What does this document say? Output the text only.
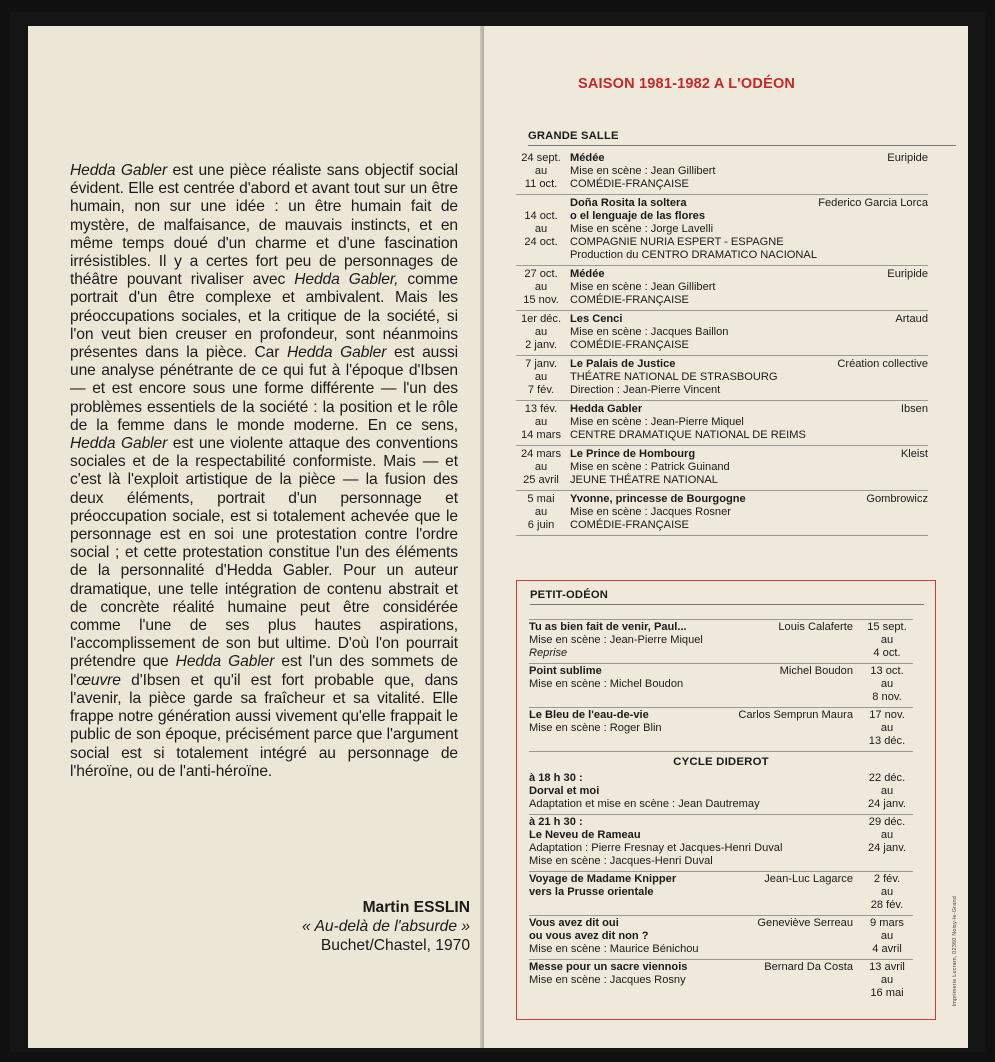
Hedda Gabler est une pièce réaliste sans objectif social évident. Elle est centrée d'abord et avant tout sur un être humain, non sur une idée : un être humain fait de mystère, de malfaisance, de mauvais instincts, et en même temps doué d'un charme et d'une fascination irrésistibles. Il y a certes fort peu de personnages de théâtre pouvant rivaliser avec Hedda Gabler, comme portrait d'un être complexe et ambivalent. Mais les préoccupations sociales, et la critique de la société, si l'on veut bien creuser en profondeur, sont néanmoins présentes dans la pièce. Car Hedda Gabler est aussi une analyse pénétrante de ce qui fut à l'époque d'Ibsen — et est encore sous une forme différente — l'un des problèmes essentiels de la société : la position et le rôle de la femme dans le monde moderne. En ce sens, Hedda Gabler est une violente attaque des conventions sociales et de la respectabilité conformiste. Mais — et c'est là l'exploit artistique de la pièce — la fusion des deux éléments, portrait d'un personnage et préoccupation sociale, est si totalement achevée que le personnage est en soi une protestation contre l'ordre social ; et cette protestation constitue l'un des éléments de la personnalité d'Hedda Gabler. Pour un auteur dramatique, une telle intégration de contenu abstrait et de concrète réalité humaine peut être considérée comme l'une de ses plus hautes aspirations, l'accomplissement de son but ultime. D'où l'on pourrait prétendre que Hedda Gabler est l'un des sommets de l'œuvre d'Ibsen et qu'il est fort probable que, dans l'avenir, la pièce garde sa fraîcheur et sa vitalité. Elle frappe notre génération aussi vivement qu'elle frappait le public de son époque, précisément parce que l'argument social est si totalement intégré au personnage de l'héroïne, ou de l'anti-héroïne.
Martin ESSLIN
« Au-delà de l'absurde »
Buchet/Chastel, 1970
SAISON 1981-1982 A L'ODÉON
GRANDE SALLE
24 sept.
au
11 oct.
Médée	Euripide
Mise en scène : Jean Gillibert
COMÉDIE-FRANÇAISE

14 oct.
au
24 oct.
Doña Rosita la soltera	Federico Garcia Lorca
o el lenguaje de las flores
Mise en scène : Jorge Lavelli
COMPAGNIE NURIA ESPERT - ESPAGNE
Production du CENTRO DRAMATICO NACIONAL
27 oct.
au
15 nov.
Médée	Euripide
Mise en scène : Jean Gillibert
COMÉDIE-FRANÇAISE
1er déc.
au
2 janv.
Les Cenci	Artaud
Mise en scène : Jacques Baillon
COMÉDIE-FRANÇAISE
7 janv.
au
7 fév.
Le Palais de Justice	Création collective
THÉATRE NATIONAL DE STRASBOURG
Direction : Jean-Pierre Vincent
13 fév.
au
14 mars
Hedda Gabler	Ibsen
Mise en scène : Jean-Pierre Miquel
CENTRE DRAMATIQUE NATIONAL DE REIMS
24 mars
au
25 avril
Le Prince de Hombourg	Kleist
Mise en scène : Patrick Guinand
JEUNE THÉATRE NATIONAL
5 mai
au
6 juin
Yvonne, princesse de Bourgogne	Gombrowicz
Mise en scène : Jacques Rosner
COMÉDIE-FRANÇAISE
PETIT-ODÉON
Tu as bien fait de venir, Paul...	Louis Calaferte
Mise en scène : Jean-Pierre Miquel
Reprise
15 sept.
au
4 oct.
Point sublime	Michel Boudon
Mise en scène : Michel Boudon
13 oct.
au
8 nov.
Le Bleu de l'eau-de-vie	Carlos Semprun Maura
Mise en scène : Roger Blin
17 nov.
au
13 déc.
CYCLE DIDEROT
à 18 h 30 :
Dorval et moi
Adaptation et mise en scène : Jean Dautremay
22 déc.
au
24 janv.
à 21 h 30 :
Le Neveu de Rameau
Adaptation : Pierre Fresnay et Jacques-Henri Duval
Mise en scène : Jacques-Henri Duval
29 déc.
au
24 janv.
Voyage de Madame Knipper	Jean-Luc Lagarce
vers la Prusse orientale
2 fév.
au
28 fév.
Vous avez dit oui	Geneviève Serreau
ou vous avez dit non ?
Mise en scène : Maurice Bénichou
9 mars
au
4 avril
Messe pour un sacre viennois	Bernard Da Costa
Mise en scène : Jacques Rosny
13 avril
au
16 mai	Imprimerie Lecram, 02360 Noisy-le-Grand
